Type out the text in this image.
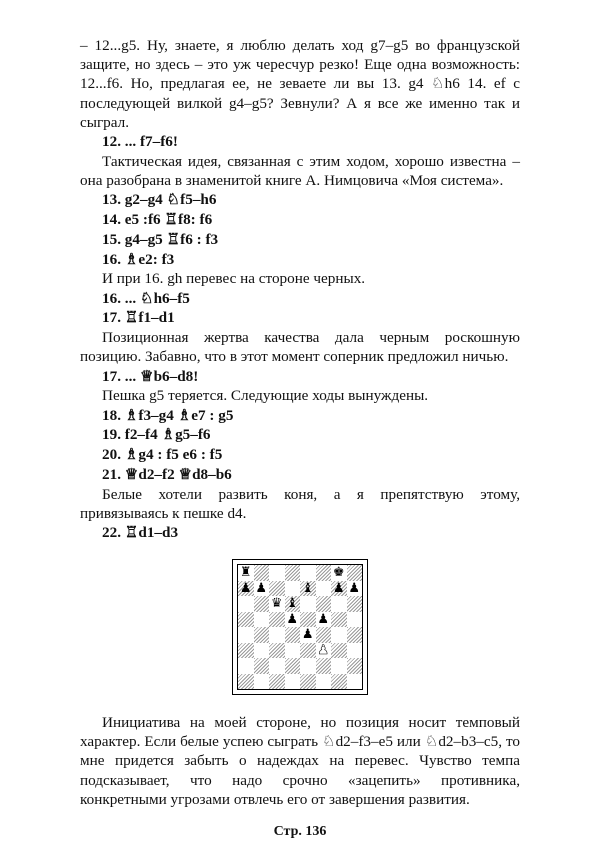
– 12...g5. Ну, знаете, я люблю делать ход g7–g5 во французской защите, но здесь – это уж чересчур резко! Еще одна возможность: 12...f6. Но, предлагая ее, не зеваете ли вы 13. g4 ♘h6 14. ef с последующей вилкой g4–g5? Зевнули? А я все же именно так и сыграл.

12. ... f7–f6!

Тактическая идея, связанная с этим ходом, хорошо известна – она разобрана в знаменитой книге А. Нимцовича «Моя система».

13. g2–g4 ♘f5–h6

14. e5 :f6 ♖f8: f6

15. g4–g5 ♖f6 : f3

16. ♗e2: f3

И при 16. gh перевес на стороне черных.

16. ... ♘h6–f5

17. ♖f1–d1

Позиционная жертва качества дала черным роскошную позицию. Забавно, что в этот момент соперник предложил ничью.

17. ... ♕b6–d8!

Пешка g5 теряется. Следующие ходы вынуждены.

18. ♗f3–g4 ♗e7 : g5

19. f2–f4 ♗g5–f6

20. ♗g4 : f5 e6 : f5

21. ♕d2–f2 ♕d8–b6

Белые хотели развить коня, а я препятствую этому, привязываясь к пешке d4.

22. ♖d1–d3

♜	♚
♟ ♟	♝ ♟ ♟
♛ ♝
♟ ♟
♟
♟

Инициатива на моей стороне, но позиция носит темповый характер. Если белые успею сыграть ♘d2–f3–e5 или ♘d2–b3–c5, то мне придется забыть о надеждах на перевес. Чувство темпа подсказывает, что надо срочно «зацепить» противника, конкретными угрозами отвлечь его от завершения развития.

Стр. 136
